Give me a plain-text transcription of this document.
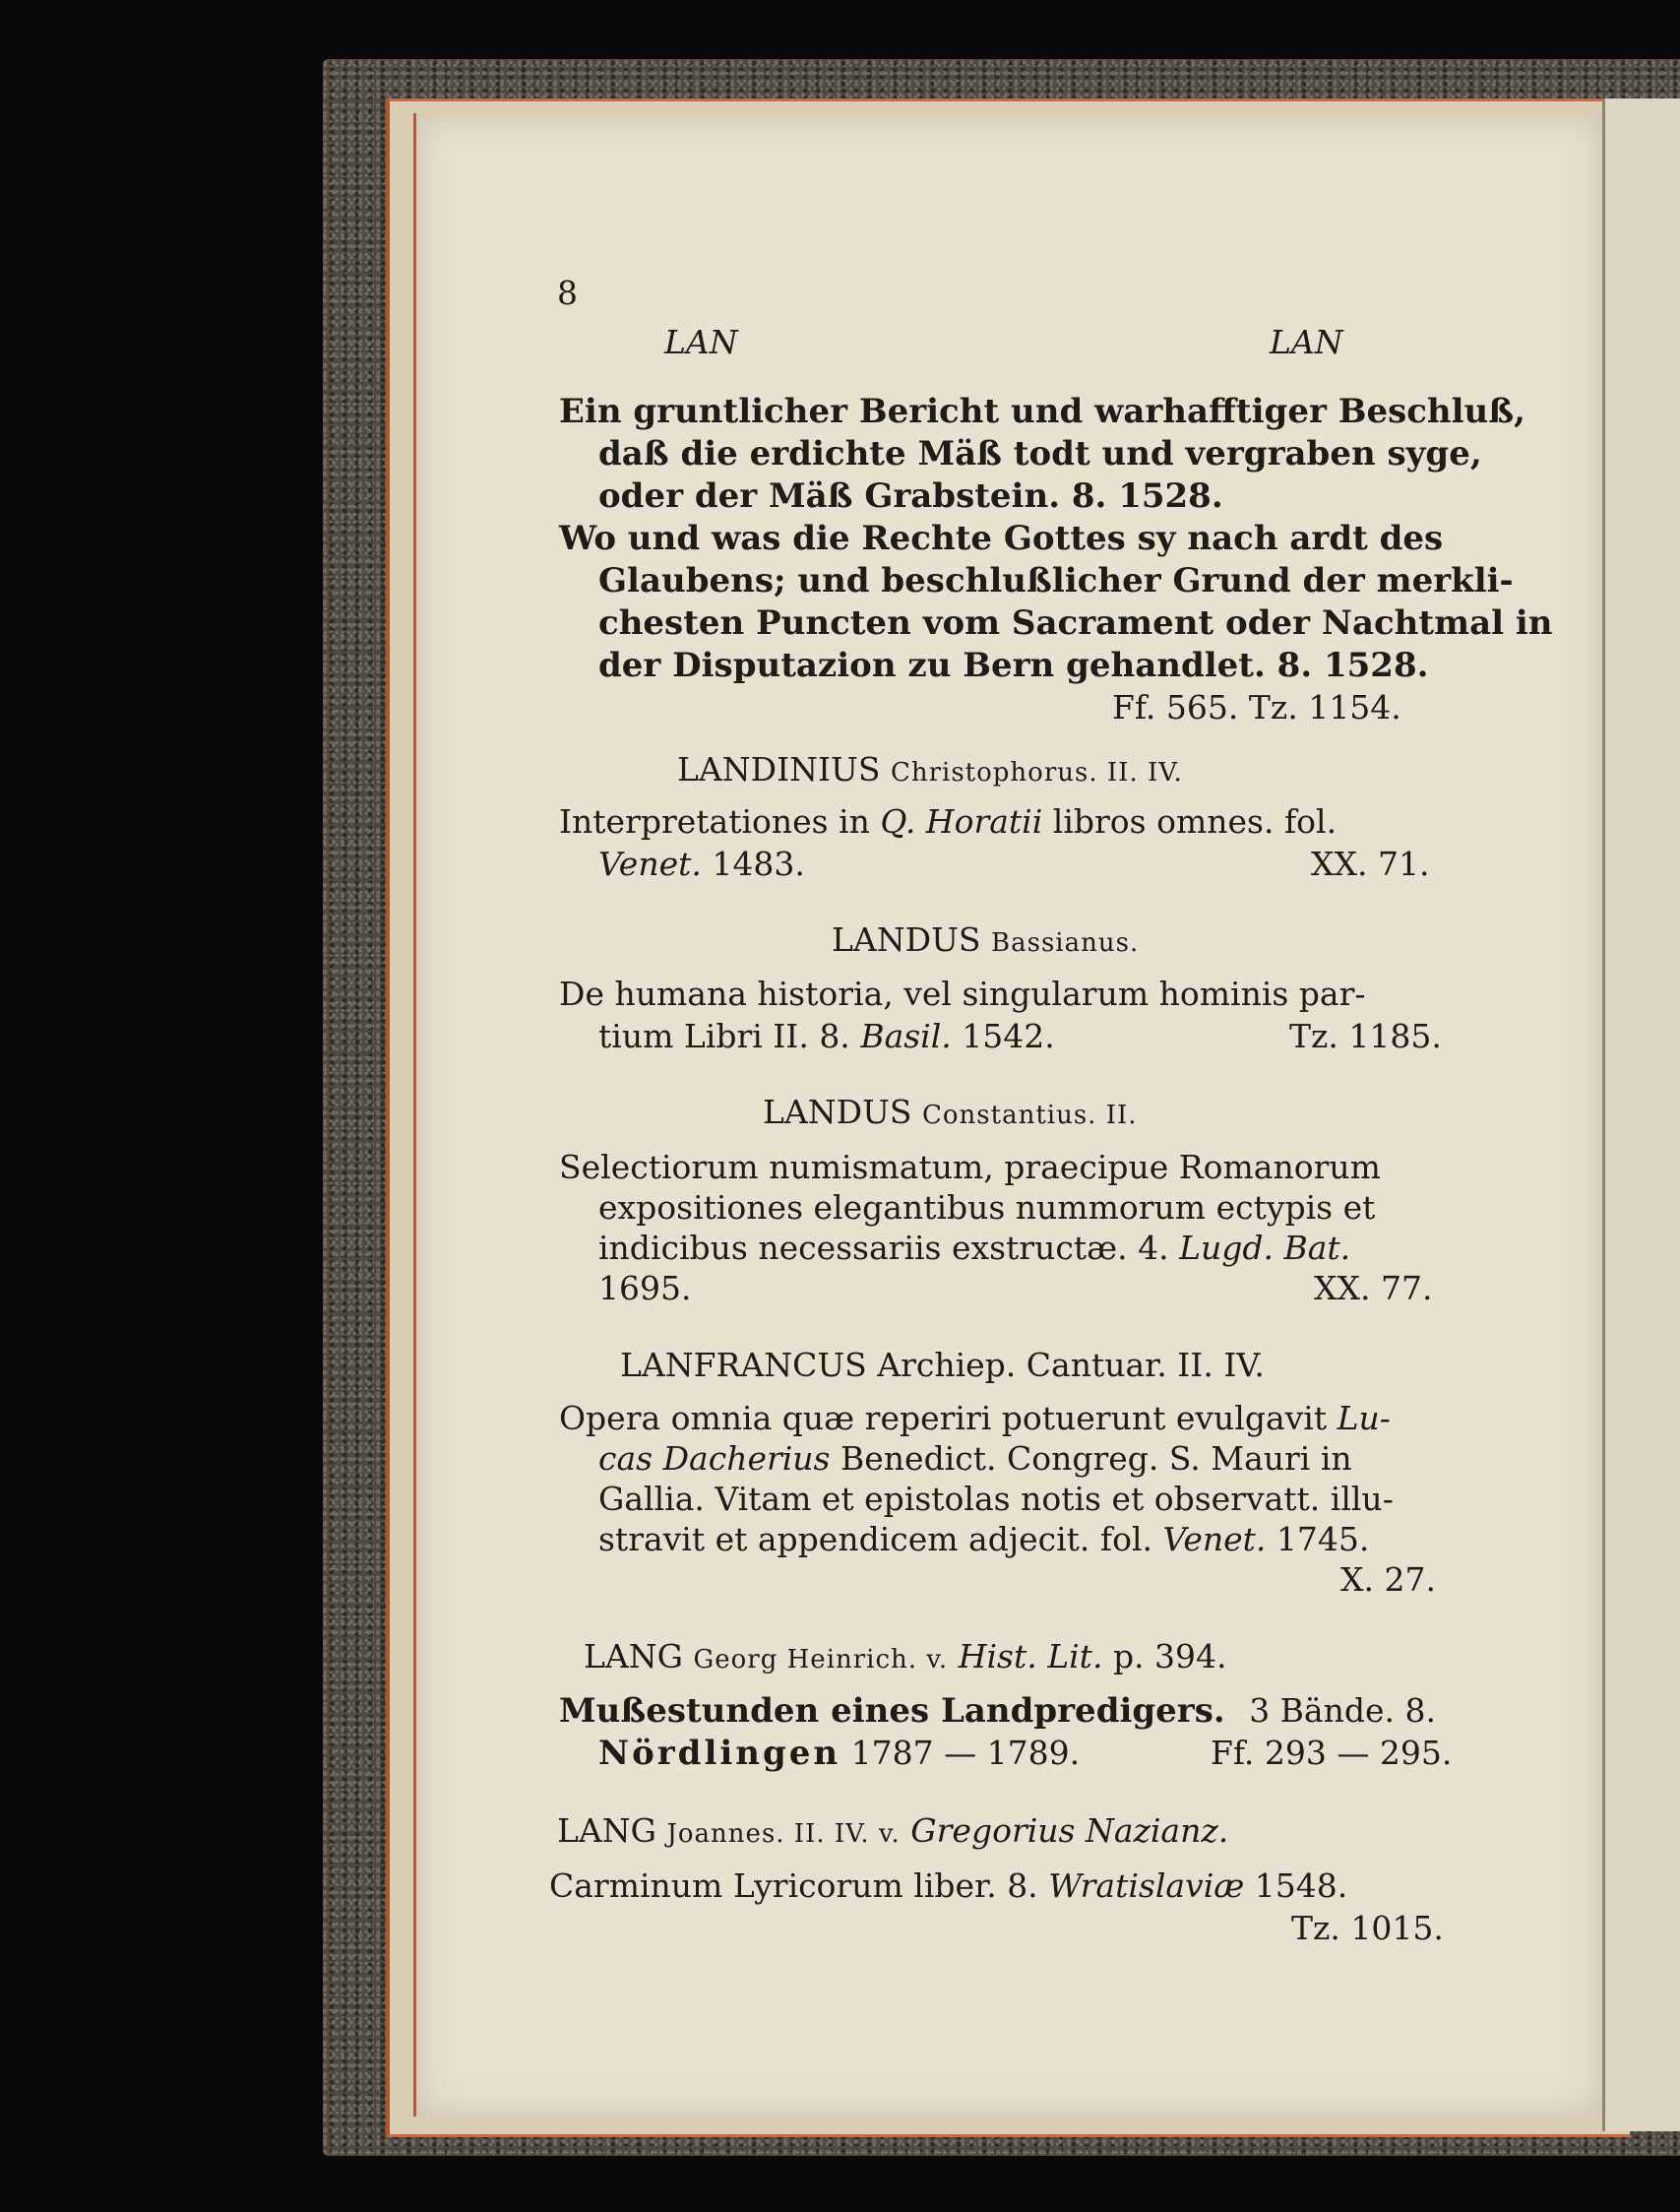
8
LAN	LAN
Ein gruntlicher Bericht und warhafftiger Beschluß,
daß die erdichte Mäß todt und vergraben syge,
oder der Mäß Grabstein. 8. 1528.
Wo und was die Rechte Gottes sy nach ardt des
Glaubens; und beschlußlicher Grund der merkli-
chesten Puncten vom Sacrament oder Nachtmal in
der Disputazion zu Bern gehandlet. 8. 1528.
Ff. 565. Tz. 1154.
LANDINIUS Christophorus. II. IV.
Interpretationes in Q. Horatii libros omnes. fol.
Venet. 1483.	XX. 71.
LANDUS Bassianus.
De humana historia, vel singularum hominis par-
tium Libri II. 8. Basil. 1542.	Tz. 1185.
LANDUS Constantius. II.
Selectiorum numismatum, praecipue Romanorum
expositiones elegantibus nummorum ectypis et
indicibus necessariis exstructæ. 4. Lugd. Bat.
1695.	XX. 77.
LANFRANCUS Archiep. Cantuar. II. IV.
Opera omnia quæ reperiri potuerunt evulgavit Lu-
cas Dacherius Benedict. Congreg. S. Mauri in
Gallia. Vitam et epistolas notis et observatt. illu-
stravit et appendicem adjecit. fol. Venet. 1745.
X. 27.
LANG Georg Heinrich. v. Hist. Lit. p. 394.
Mußestunden eines Landpredigers. 3 Bände. 8.
Nördlingen 1787 — 1789.	Ff. 293 — 295.
LANG Joannes. II. IV. v. Gregorius Nazianz.
Carminum Lyricorum liber. 8. Wratislaviæ 1548.
Tz. 1015.
